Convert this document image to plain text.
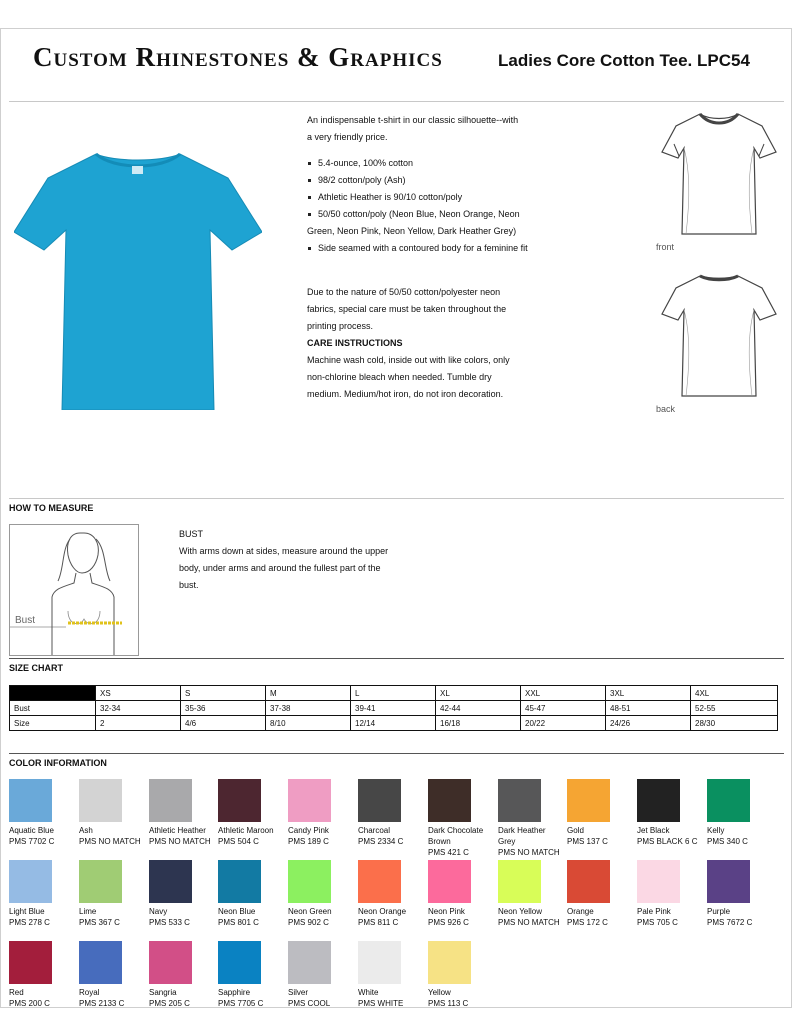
Custom Rhinestones & Graphics	Ladies Core Cotton Tee. LPC54

An indispensable t-shirt in our classic silhouette--with

a very friendly price.

5.4-ounce, 100% cotton
98/2 cotton/poly (Ash)
Athletic Heather is 90/10 cotton/poly
50/50 cotton/poly (Neon Blue, Neon Orange, Neon
Green, Neon Pink, Neon Yellow, Dark Heather Grey)
Side seamed with a contoured body for a feminine fit

Due to the nature of 50/50 cotton/polyester neon

fabrics, special care must be taken throughout the

printing process.

CARE INSTRUCTIONS

Machine wash cold, inside out with like colors, only

non-chlorine bleach when needed. Tumble dry

medium. Medium/hot iron, do not iron decoration.

front
back
HOW TO MEASURE
Bust

BUST

With arms down at sides, measure around the upper

body, under arms and around the fullest part of the

bust.

SIZE CHART
	XS	S	M	L	XL	XXL	3XL	4XL
Bust	32-34	35-36	37-38	39-41	42-44	45-47	48-51	52-55
Size	2	4/6	8/10	12/14	16/18	20/22	24/26	28/30
COLOR INFORMATION
Aquatic Blue
PMS 7702 C
Ash
PMS NO MATCH
Athletic Heather
PMS NO MATCH
Athletic Maroon
PMS 504 C
Candy Pink
PMS 189 C
Charcoal
PMS 2334 C
Dark Chocolate
Brown
PMS 421 C
Dark Heather
Grey
PMS NO MATCH
Gold
PMS 137 C
Jet Black
PMS BLACK 6 C
Kelly
PMS 340 C
Light Blue
PMS 278 C
Lime
PMS 367 C
Navy
PMS 533 C
Neon Blue
PMS 801 C
Neon Green
PMS 902 C
Neon Orange
PMS 811 C
Neon Pink
PMS 926 C
Neon Yellow
PMS NO MATCH
Orange
PMS 172 C
Pale Pink
PMS 705 C
Purple
PMS 7672 C
Red
PMS 200 C
Royal
PMS 2133 C
Sangria
PMS 205 C
Sapphire
PMS 7705 C
Silver
PMS COOL
White
PMS WHITE
Yellow
PMS 113 C
